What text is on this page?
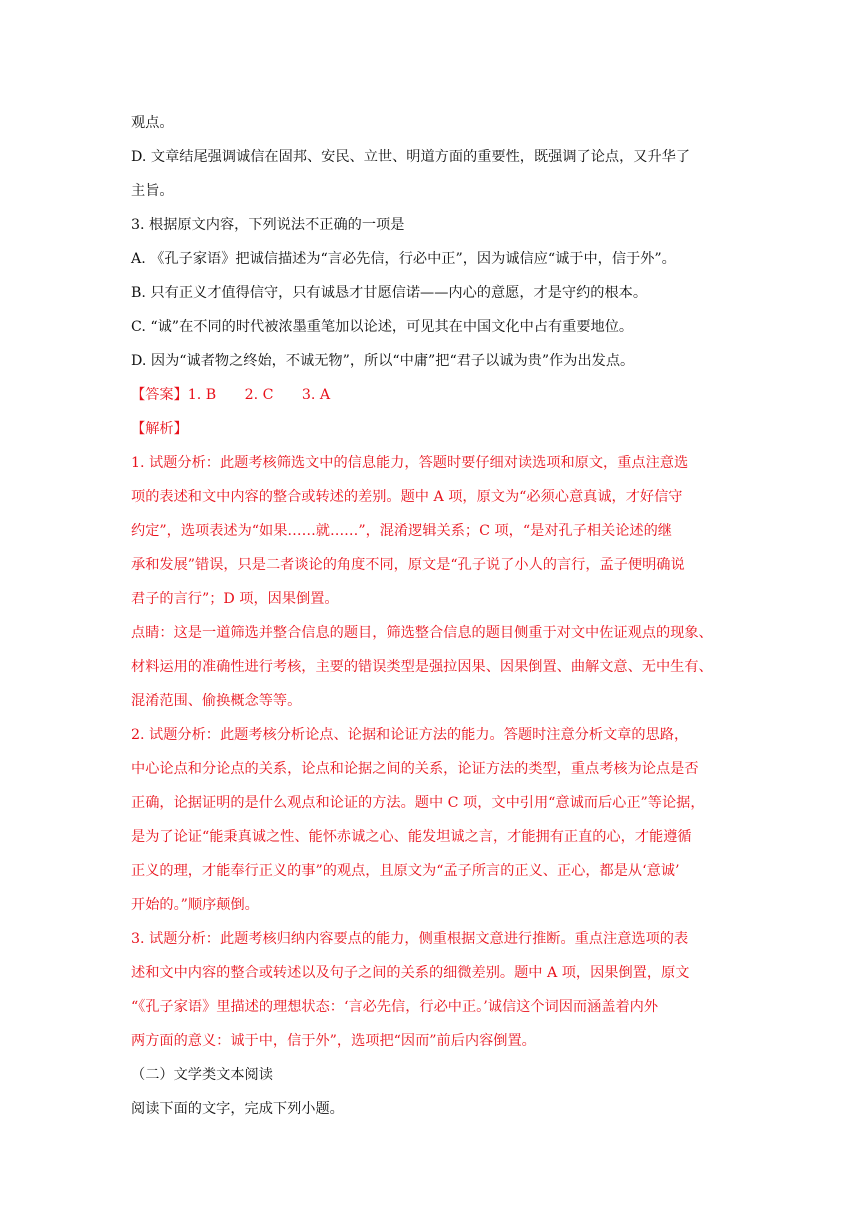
观点。
D. 文章结尾强调诚信在固邦、安民、立世、明道方面的重要性，既强调了论点，又升华了
主旨。
3. 根据原文内容，下列说法不正确的一项是
A. 《孔子家语》把诚信描述为“言必先信，行必中正”，因为诚信应“诚于中，信于外”。
B. 只有正义才值得信守，只有诚恳才甘愿信诺——内心的意愿，才是守约的根本。
C. “诚”在不同的时代被浓墨重笔加以论述，可见其在中国文化中占有重要地位。
D. 因为“诚者物之终始，不诚无物”，所以“中庸”把“君子以诚为贵”作为出发点。
【答案】1. B　　2. C　　3. A
【解析】
1. 试题分析：此题考核筛选文中的信息能力，答题时要仔细对读选项和原文，重点注意选
项的表述和文中内容的整合或转述的差别。题中 A 项，原文为“必须心意真诚，才好信守
约定”，选项表述为“如果……就……”，混淆逻辑关系；C 项，“是对孔子相关论述的继
承和发展”错误，只是二者谈论的角度不同，原文是“孔子说了小人的言行，孟子便明确说
君子的言行”；D 项，因果倒置。
点睛：这是一道筛选并整合信息的题目，筛选整合信息的题目侧重于对文中佐证观点的现象、
材料运用的准确性进行考核，主要的错误类型是强拉因果、因果倒置、曲解文意、无中生有、
混淆范围、偷换概念等等。
2. 试题分析：此题考核分析论点、论据和论证方法的能力。答题时注意分析文章的思路，
中心论点和分论点的关系，论点和论据之间的关系，论证方法的类型，重点考核为论点是否
正确，论据证明的是什么观点和论证的方法。题中 C 项，文中引用“意诚而后心正”等论据，
是为了论证“能秉真诚之性、能怀赤诚之心、能发坦诚之言，才能拥有正直的心，才能遵循
正义的理，才能奉行正义的事”的观点，且原文为“孟子所言的正义、正心，都是从‘意诚’
开始的。”顺序颠倒。
3. 试题分析：此题考核归纳内容要点的能力，侧重根据文意进行推断。重点注意选项的表
述和文中内容的整合或转述以及句子之间的关系的细微差别。题中 A 项，因果倒置，原文
“《孔子家语》里描述的理想状态：‘言必先信，行必中正。’诚信这个词因而涵盖着内外
两方面的意义：诚于中，信于外”，选项把“因而”前后内容倒置。
（二）文学类文本阅读
阅读下面的文字，完成下列小题。
